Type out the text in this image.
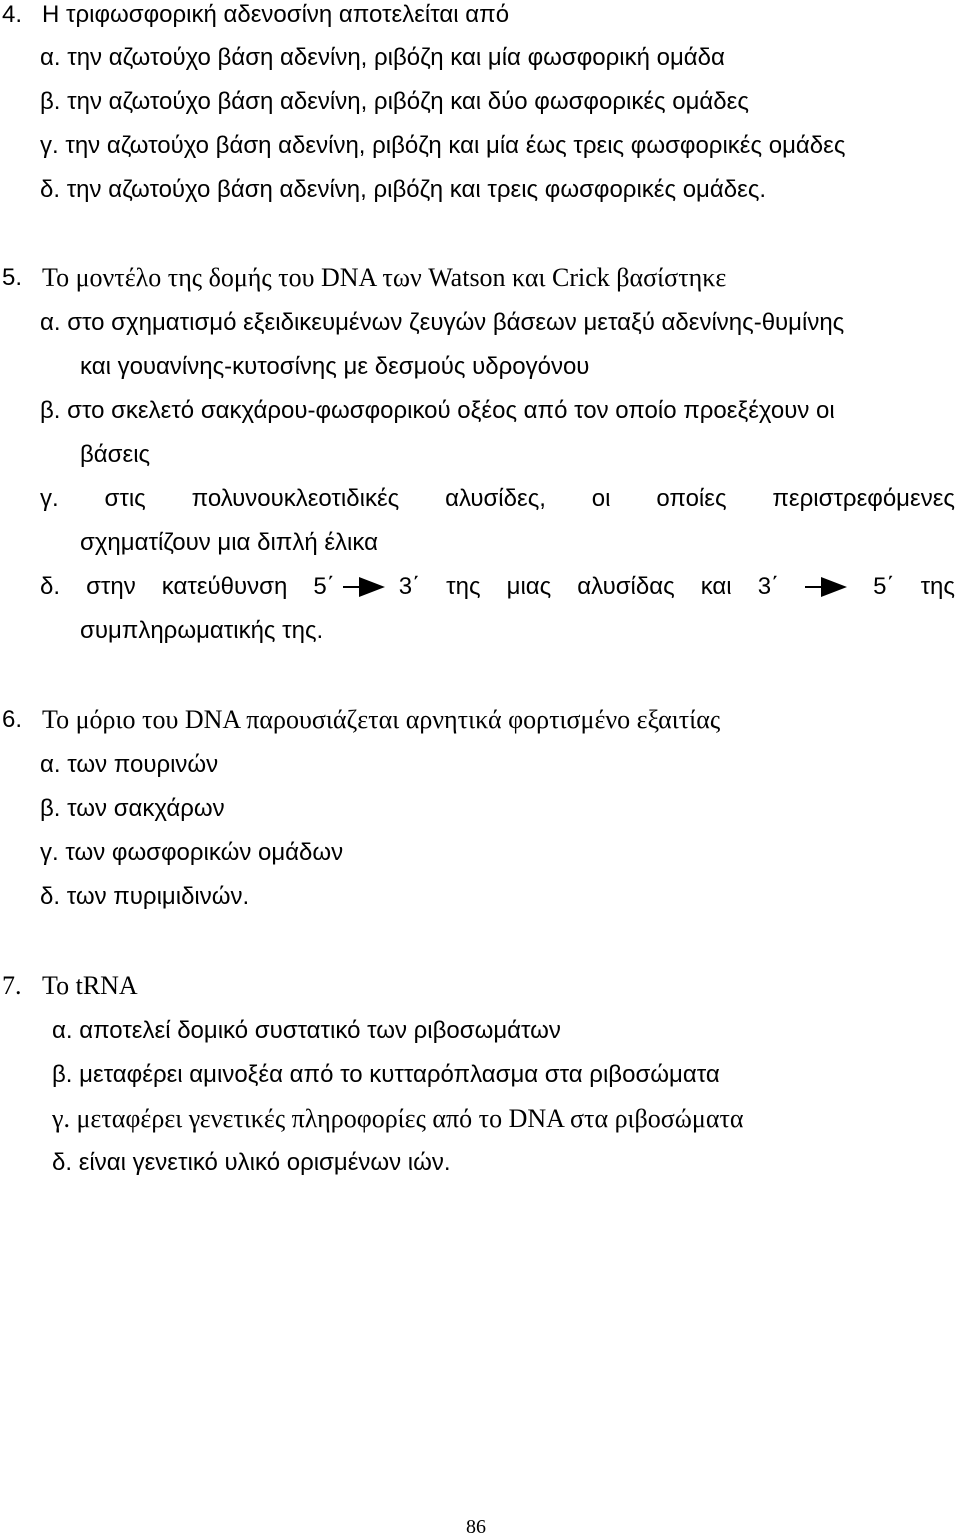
4. Η τριφωσφορική αδενοσίνη αποτελείται από
α. την αζωτούχο βάση αδενίνη, ριβόζη και μία φωσφορική ομάδα
β. την αζωτούχο βάση αδενίνη, ριβόζη και δύο φωσφορικές ομάδες
γ. την αζωτούχο βάση αδενίνη, ριβόζη και μία έως τρεις φωσφορικές ομάδες
δ. την αζωτούχο βάση αδενίνη, ριβόζη και τρεις φωσφορικές ομάδες.
5. Το μοντέλο της δομής του DNA των Watson και Crick βασίστηκε
α. στο σχηματισμό εξειδικευμένων ζευγών βάσεων μεταξύ αδενίνης-θυμίνης
και γουανίνης-κυτοσίνης με δεσμούς υδρογόνου
β. στο σκελετό σακχάρου-φωσφορικού οξέος από τον οποίο προεξέχουν οι
βάσεις
γ. στις πολυνουκλεοτιδικές αλυσίδες, οι οποίες περιστρεφόμενες
σχηματίζουν μια διπλή έλικα
δ. στην κατεύθυνση 5΄	3΄ της μιας αλυσίδας και 3΄	5΄ της
συμπληρωματικής της.
6. Το μόριο του DNA παρουσιάζεται αρνητικά φορτισμένο εξαιτίας
α. των πουρινών
β. των σακχάρων
γ. των φωσφορικών ομάδων
δ. των πυριμιδινών.
7. Το tRNA
α. αποτελεί δομικό συστατικό των ριβοσωμάτων
β. μεταφέρει αμινοξέα από το κυτταρόπλασμα στα ριβοσώματα
γ. μεταφέρει γενετικές πληροφορίες από το DNA στα ριβοσώματα
δ. είναι γενετικό υλικό ορισμένων ιών.
86
